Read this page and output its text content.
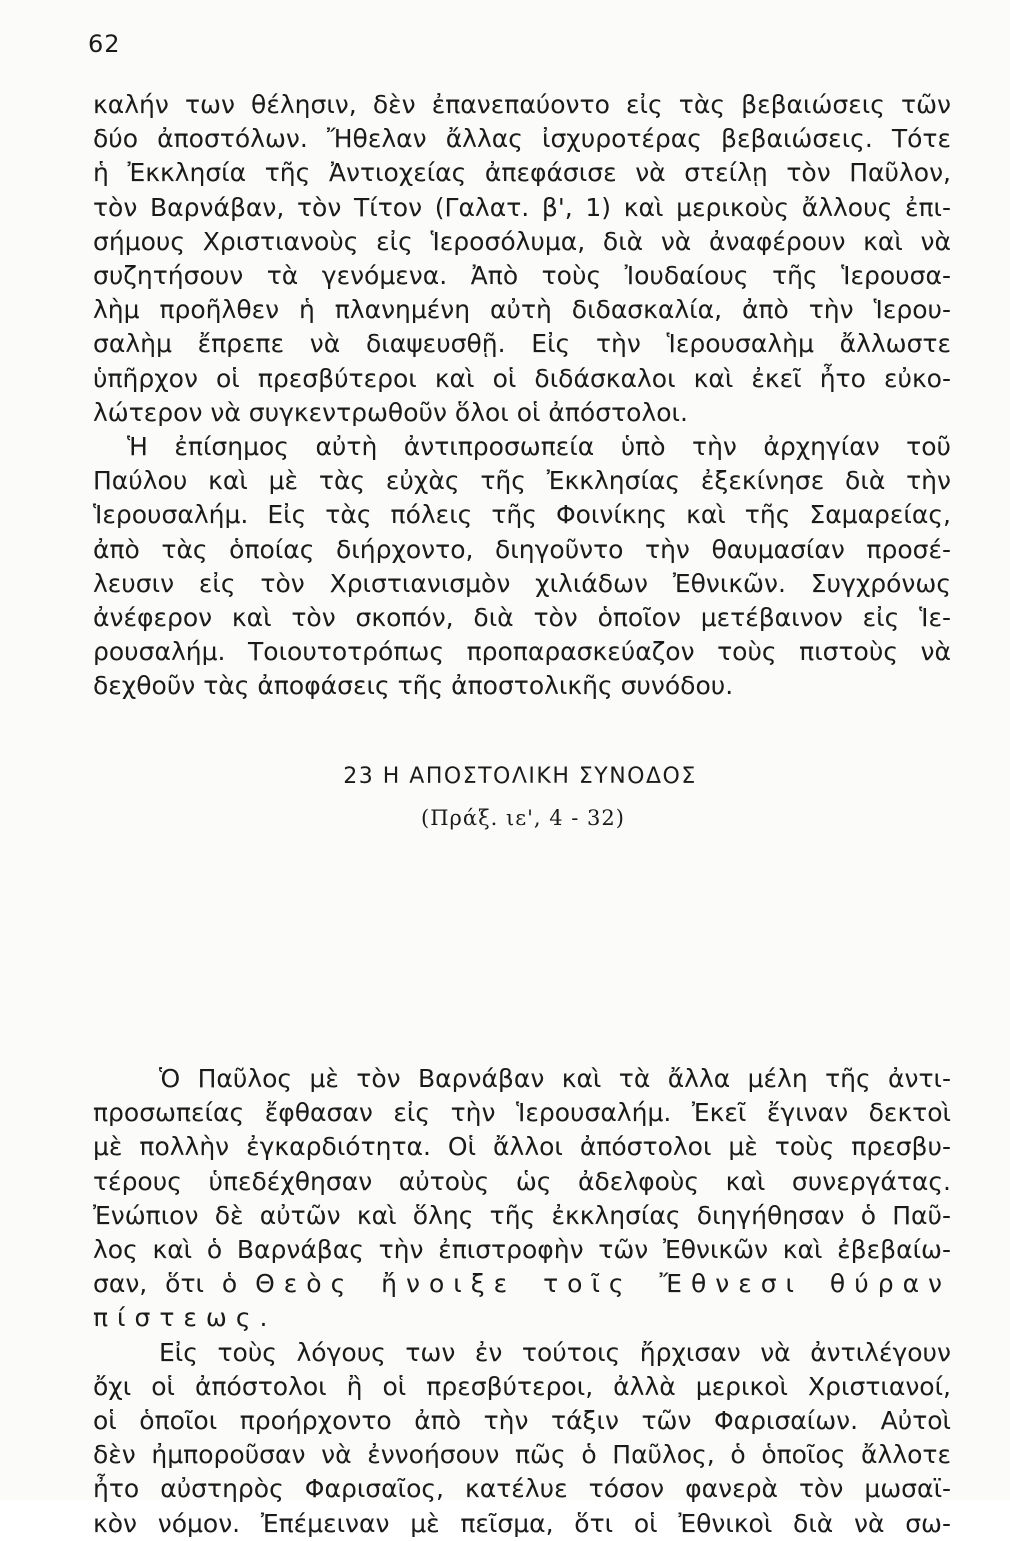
62
καλήν των θέλησιν, δὲν ἐπανεπαύοντο εἰς τὰς βεβαιώσεις τῶν
δύο ἀποστόλων. Ἤθελαν ἄλλας ἰσχυροτέρας βεβαιώσεις. Τότε
ἡ Ἐκκλησία τῆς Ἀντιοχείας ἀπεφάσισε νὰ στείλῃ τὸν Παῦλον,
τὸν Βαρνάβαν, τὸν Τίτον (Γαλατ. β', 1) καὶ μερικοὺς ἄλλους ἐπι-
σήμους Χριστιανοὺς εἰς Ἱεροσόλυμα, διὰ νὰ ἀναφέρουν καὶ νὰ
συζητήσουν τὰ γενόμενα. Ἀπὸ τοὺς Ἰουδαίους τῆς Ἱερουσα-
λὴμ προῆλθεν ἡ πλανημένη αὐτὴ διδασκαλία, ἀπὸ τὴν Ἱερου-
σαλὴμ ἔπρεπε νὰ διαψευσθῇ. Εἰς τὴν Ἱερουσαλὴμ ἄλλωστε
ὑπῆρχον οἱ πρεσβύτεροι καὶ οἱ διδάσκαλοι καὶ ἐκεῖ ἦτο εὐκο-
λώτερον νὰ συγκεντρωθοῦν ὅλοι οἱ ἀπόστολοι.
Ἡ ἐπίσημος αὐτὴ ἀντιπροσωπεία ὑπὸ τὴν ἀρχηγίαν τοῦ
Παύλου καὶ μὲ τὰς εὐχὰς τῆς Ἐκκλησίας ἐξεκίνησε διὰ τὴν
Ἱερουσαλήμ. Εἰς τὰς πόλεις τῆς Φοινίκης καὶ τῆς Σαμαρείας,
ἀπὸ τὰς ὁποίας διήρχοντο, διηγοῦντο τὴν θαυμασίαν προσέ-
λευσιν εἰς τὸν Χριστιανισμὸν χιλιάδων Ἐθνικῶν. Συγχρόνως
ἀνέφερον καὶ τὸν σκοπόν, διὰ τὸν ὁποῖον μετέβαινον εἰς Ἱε-
ρουσαλήμ. Τοιουτοτρόπως προπαρασκεύαζον τοὺς πιστοὺς νὰ
δεχθοῦν τὰς ἀποφάσεις τῆς ἀποστολικῆς συνόδου.
23 Η ΑΠΟΣΤΟΛΙΚΗ ΣΥΝΟΔΟΣ
(Πράξ. ιε', 4 - 32)
Ὁ Παῦλος μὲ τὸν Βαρνάβαν καὶ τὰ ἄλλα μέλη τῆς ἀντι-
προσωπείας ἔφθασαν εἰς τὴν Ἱερουσαλήμ. Ἐκεῖ ἔγιναν δεκτοὶ
μὲ πολλὴν ἐγκαρδιότητα. Οἱ ἄλλοι ἀπόστολοι μὲ τοὺς πρεσβυ-
τέρους ὑπεδέχθησαν αὐτοὺς ὡς ἀδελφοὺς καὶ συνεργάτας.
Ἐνώπιον δὲ αὐτῶν καὶ ὅλης τῆς ἐκκλησίας διηγήθησαν ὁ Παῦ-
λος καὶ ὁ Βαρνάβας τὴν ἐπιστροφὴν τῶν Ἐθνικῶν καὶ ἐβεβαίω-
σαν, ὅτι ὁ Θεὸς ἤνοιξε τοῖς Ἔθνεσι θύραν
πίστεως.
Εἰς τοὺς λόγους των ἐν τούτοις ἤρχισαν νὰ ἀντιλέγουν
ὄχι οἱ ἀπόστολοι ἢ οἱ πρεσβύτεροι, ἀλλὰ μερικοὶ Χριστιανοί,
οἱ ὁποῖοι προήρχοντο ἀπὸ τὴν τάξιν τῶν Φαρισαίων. Αὐτοὶ
δὲν ἠμποροῦσαν νὰ ἐννοήσουν πῶς ὁ Παῦλος, ὁ ὁποῖος ἄλλοτε
ἦτο αὐστηρὸς Φαρισαῖος, κατέλυε τόσον φανερὰ τὸν μωσαϊ-
κὸν νόμον. Ἐπέμειναν μὲ πεῖσμα, ὅτι οἱ Ἐθνικοὶ διὰ νὰ σω-
